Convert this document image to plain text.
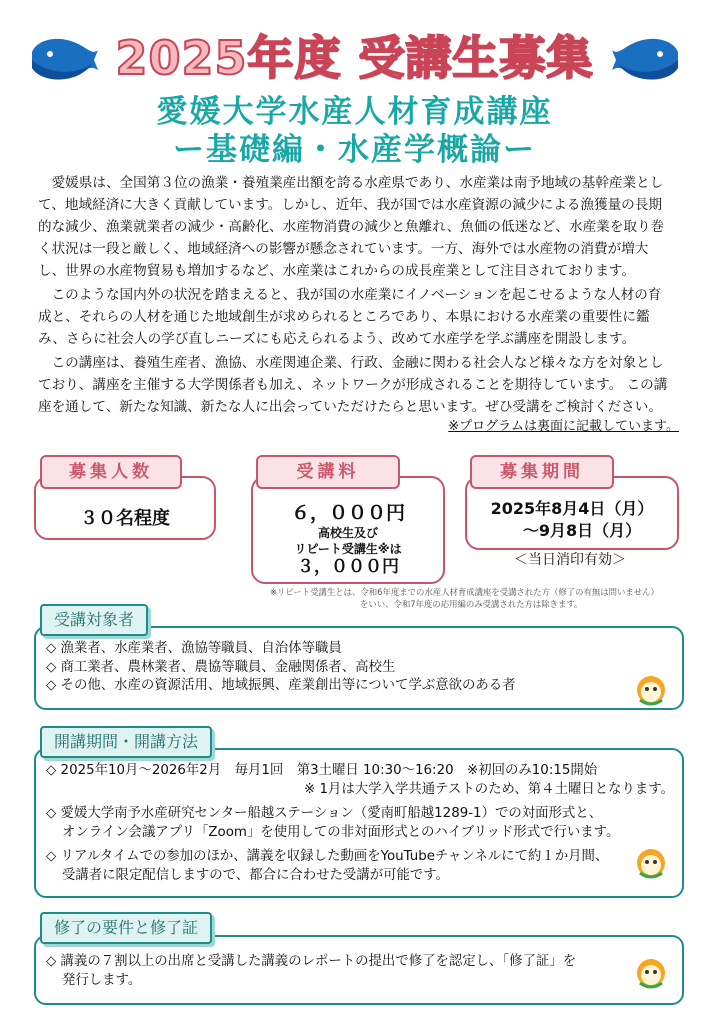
2025年度 受講生募集
愛媛大学水産人材育成講座
ー基礎編・水産学概論ー

愛媛県は、全国第３位の漁業・養殖業産出額を誇る水産県であり、水産業は南予地域の基幹産業として、地域経済に大きく貢献しています。しかし、近年、我が国では水産資源の減少による漁獲量の長期的な減少、漁業就業者の減少・高齢化、水産物消費の減少と魚離れ、魚価の低迷など、水産業を取り巻く状況は一段と厳しく、地域経済への影響が懸念されています。一方、海外では水産物の消費が増大し、世界の水産物貿易も増加するなど、水産業はこれからの成長産業として注目されております。

このような国内外の状況を踏まえると、我が国の水産業にイノベーションを起こせるような人材の育成と、それらの人材を通じた地域創生が求められるところであり、本県における水産業の重要性に鑑み、さらに社会人の学び直しニーズにも応えられるよう、改めて水産学を学ぶ講座を開設します。

この講座は、養殖生産者、漁協、水産関連企業、行政、金融に関わる社会人など様々な方を対象としており、講座を主催する大学関係者も加え、ネットワークが形成されることを期待しています。 この講座を通して、新たな知識、新たな人に出会っていただけたらと思います。ぜひ受講をご検討ください。

※プログラムは裏面に記載しています。
３０名程度
募集人数
６，０００円
高校生及び
リピート受講生※は
３，０００円
受講料
2025年8月4日（月）
～9月8日（月）
募集期間
＜当日消印有効＞
※リピート受講生とは、令和6年度までの水産人材育成講座を受講された方（修了の有無は問いません）
をいい、令和7年度の応用編のみ受講された方は除きます。
◇ 漁業者、水産業者、漁協等職員、自治体等職員
◇ 商工業者、農林業者、農協等職員、金融関係者、高校生
◇ その他、水産の資源活用、地域振興、産業創出等について学ぶ意欲のある者
受講対象者
◇ 2025年10月～2026年2月　毎月1回　第3土曜日 10:30～16:20　※初回のみ10:15開始
※ 1月は大学入学共通テストのため、第４土曜日となります。
◇ 愛媛大学南予水産研究センター船越ステーション（愛南町船越1289-1）での対面形式と、
オンライン会議アプリ「Zoom」を使用しての非対面形式とのハイブリッド形式で行います。
◇ リアルタイムでの参加のほか、講義を収録した動画をYouTubeチャンネルにて約１か月間、
受講者に限定配信しますので、都合に合わせた受講が可能です。
開講期間・開講方法
◇ 講義の７割以上の出席と受講した講義のレポートの提出で修了を認定し、「修了証」を
発行します。
修了の要件と修了証
